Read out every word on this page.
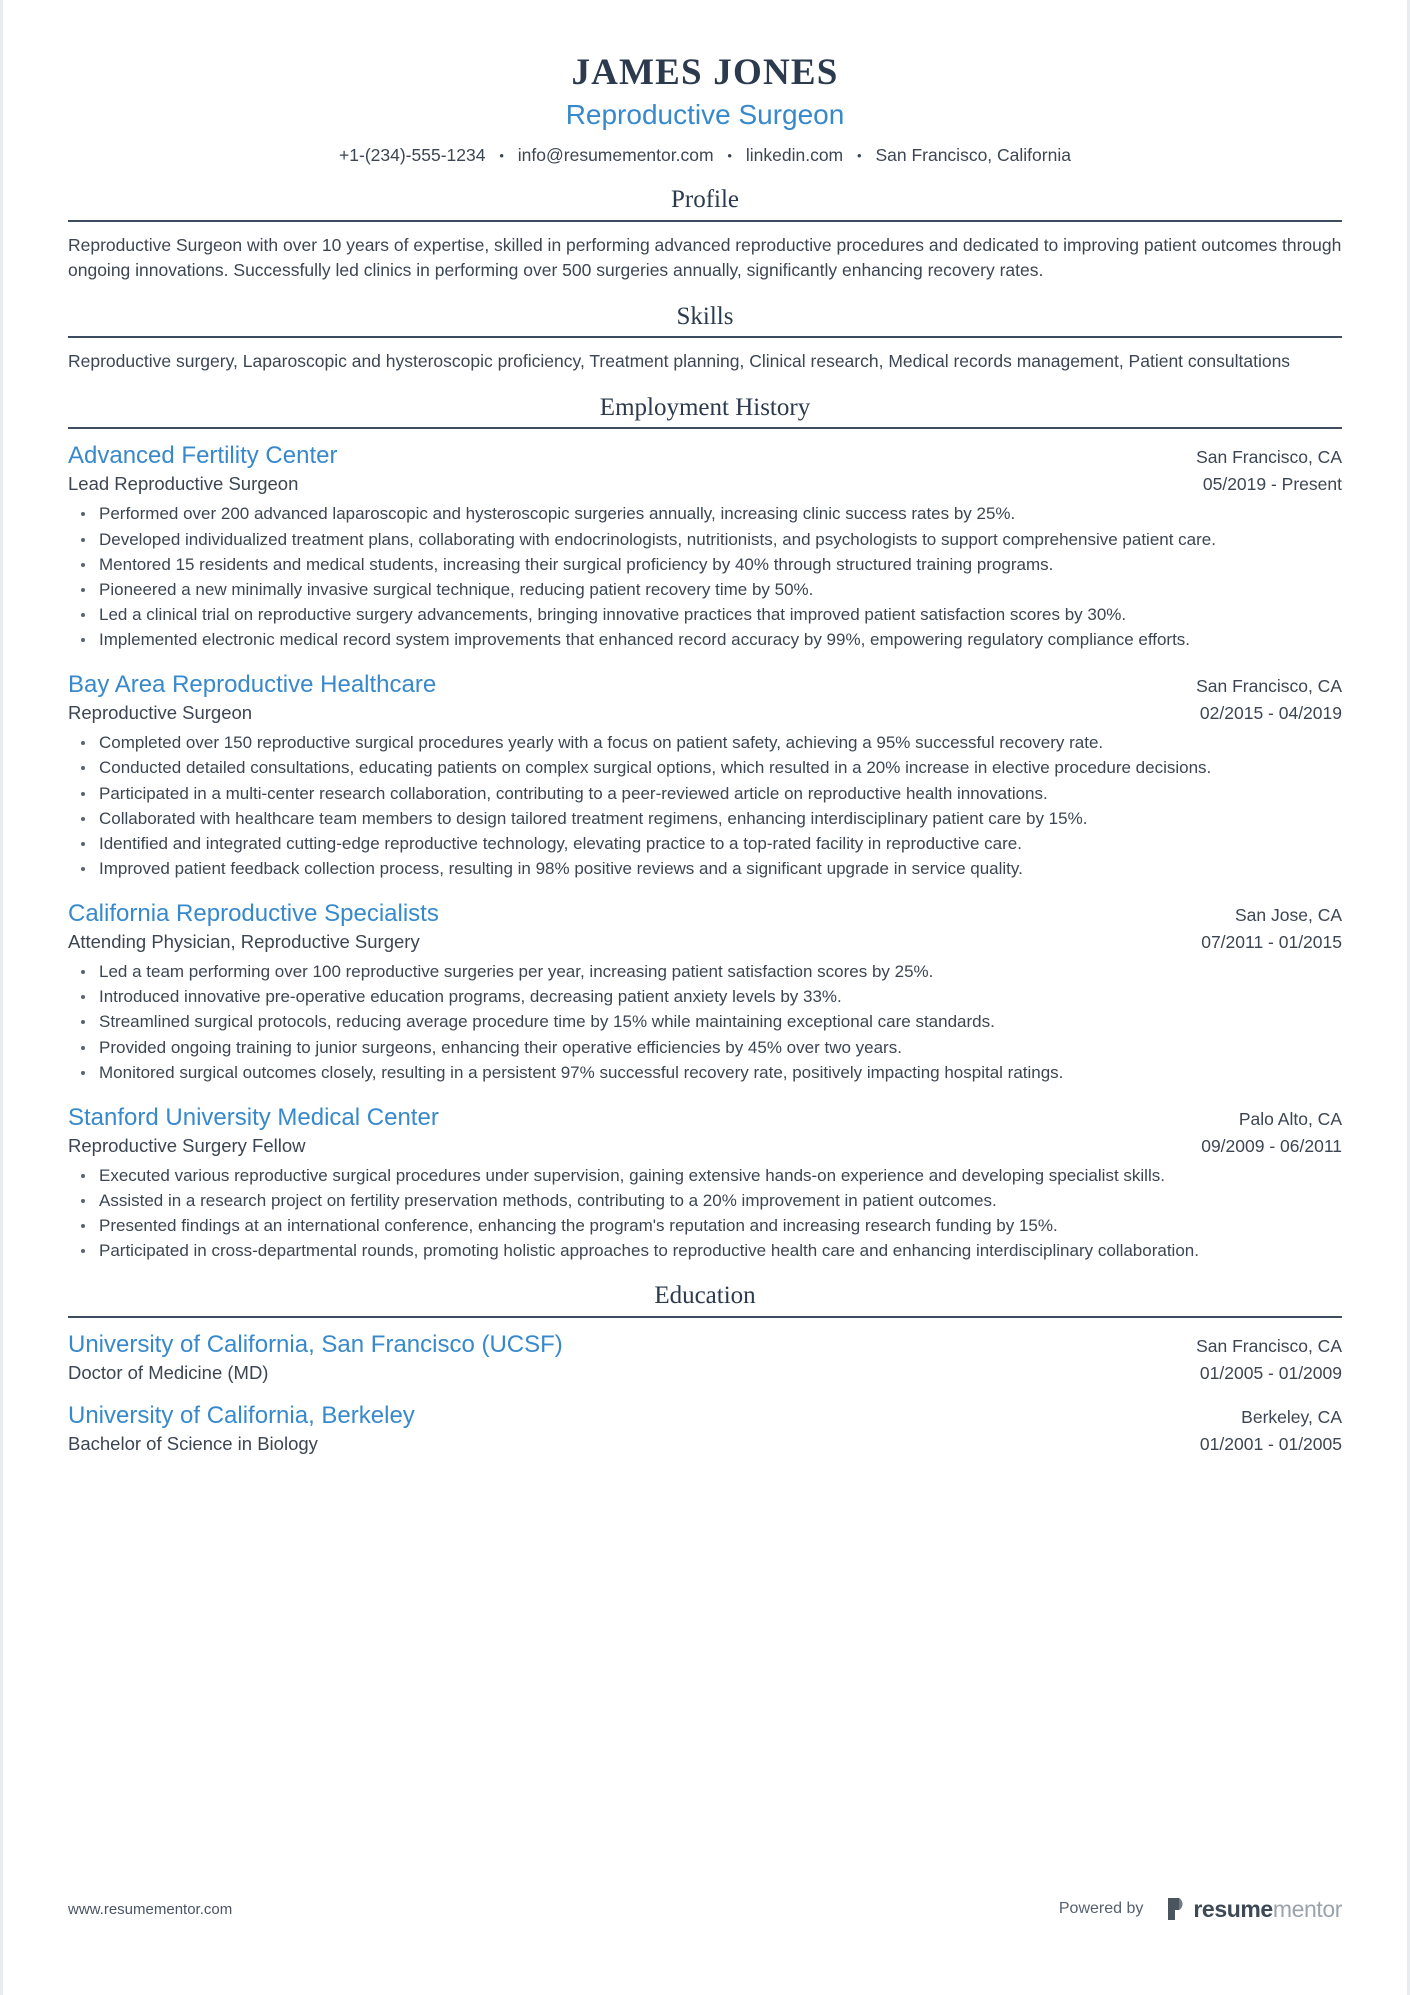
JAMES JONES
Reproductive Surgeon
+1-(234)-555-1234 • info@resumementor.com • linkedin.com • San Francisco, California
Profile
Reproductive Surgeon with over 10 years of expertise, skilled in performing advanced reproductive procedures and dedicated to improving patient outcomes through ongoing innovations. Successfully led clinics in performing over 500 surgeries annually, significantly enhancing recovery rates.
Skills
Reproductive surgery, Laparoscopic and hysteroscopic proficiency, Treatment planning, Clinical research, Medical records management, Patient consultations
Employment History
Advanced Fertility Center	San Francisco, CA
Lead Reproductive Surgeon	05/2019 - Present
Performed over 200 advanced laparoscopic and hysteroscopic surgeries annually, increasing clinic success rates by 25%.
Developed individualized treatment plans, collaborating with endocrinologists, nutritionists, and psychologists to support comprehensive patient care.
Mentored 15 residents and medical students, increasing their surgical proficiency by 40% through structured training programs.
Pioneered a new minimally invasive surgical technique, reducing patient recovery time by 50%.
Led a clinical trial on reproductive surgery advancements, bringing innovative practices that improved patient satisfaction scores by 30%.
Implemented electronic medical record system improvements that enhanced record accuracy by 99%, empowering regulatory compliance efforts.
Bay Area Reproductive Healthcare	San Francisco, CA
Reproductive Surgeon	02/2015 - 04/2019
Completed over 150 reproductive surgical procedures yearly with a focus on patient safety, achieving a 95% successful recovery rate.
Conducted detailed consultations, educating patients on complex surgical options, which resulted in a 20% increase in elective procedure decisions.
Participated in a multi-center research collaboration, contributing to a peer-reviewed article on reproductive health innovations.
Collaborated with healthcare team members to design tailored treatment regimens, enhancing interdisciplinary patient care by 15%.
Identified and integrated cutting-edge reproductive technology, elevating practice to a top-rated facility in reproductive care.
Improved patient feedback collection process, resulting in 98% positive reviews and a significant upgrade in service quality.
California Reproductive Specialists	San Jose, CA
Attending Physician, Reproductive Surgery	07/2011 - 01/2015
Led a team performing over 100 reproductive surgeries per year, increasing patient satisfaction scores by 25%.
Introduced innovative pre-operative education programs, decreasing patient anxiety levels by 33%.
Streamlined surgical protocols, reducing average procedure time by 15% while maintaining exceptional care standards.
Provided ongoing training to junior surgeons, enhancing their operative efficiencies by 45% over two years.
Monitored surgical outcomes closely, resulting in a persistent 97% successful recovery rate, positively impacting hospital ratings.
Stanford University Medical Center	Palo Alto, CA
Reproductive Surgery Fellow	09/2009 - 06/2011
Executed various reproductive surgical procedures under supervision, gaining extensive hands-on experience and developing specialist skills.
Assisted in a research project on fertility preservation methods, contributing to a 20% improvement in patient outcomes.
Presented findings at an international conference, enhancing the program's reputation and increasing research funding by 15%.
Participated in cross-departmental rounds, promoting holistic approaches to reproductive health care and enhancing interdisciplinary collaboration.
Education
University of California, San Francisco (UCSF)	San Francisco, CA
Doctor of Medicine (MD)	01/2005 - 01/2009
University of California, Berkeley	Berkeley, CA
Bachelor of Science in Biology	01/2001 - 01/2005
www.resumementor.com	Powered by resumementor
